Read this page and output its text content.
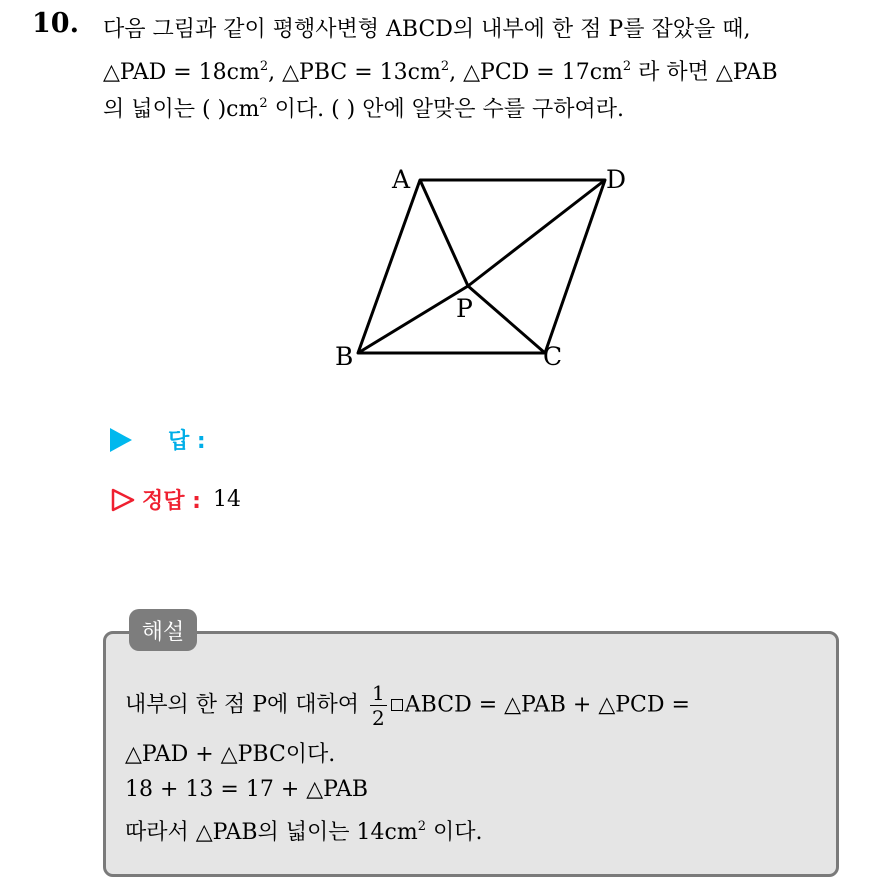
10. 다음 그림과 같이 평행사변형 ABCD의 내부에 한 점 P를 잡았을 때,
△PAD = $18cm^2$, △PBC = $13cm^2$, △PCD = $17cm^2$ 라 하면 △PAB
의 넓이는 ( )$cm^2$ 이다. ( ) 안에 알맞은 수를 구하여라.
A	D
P
B	C
답 :
정답 : 14
해설
내부의 한 점 P에 대하여 $\frac{1}{2}$ ABCD = △PAB + △PCD =
△PAD + △PBC이다.
18 + 13 = 17 + △PAB
따라서 △PAB의 넓이는 $14cm^2$ 이다.
